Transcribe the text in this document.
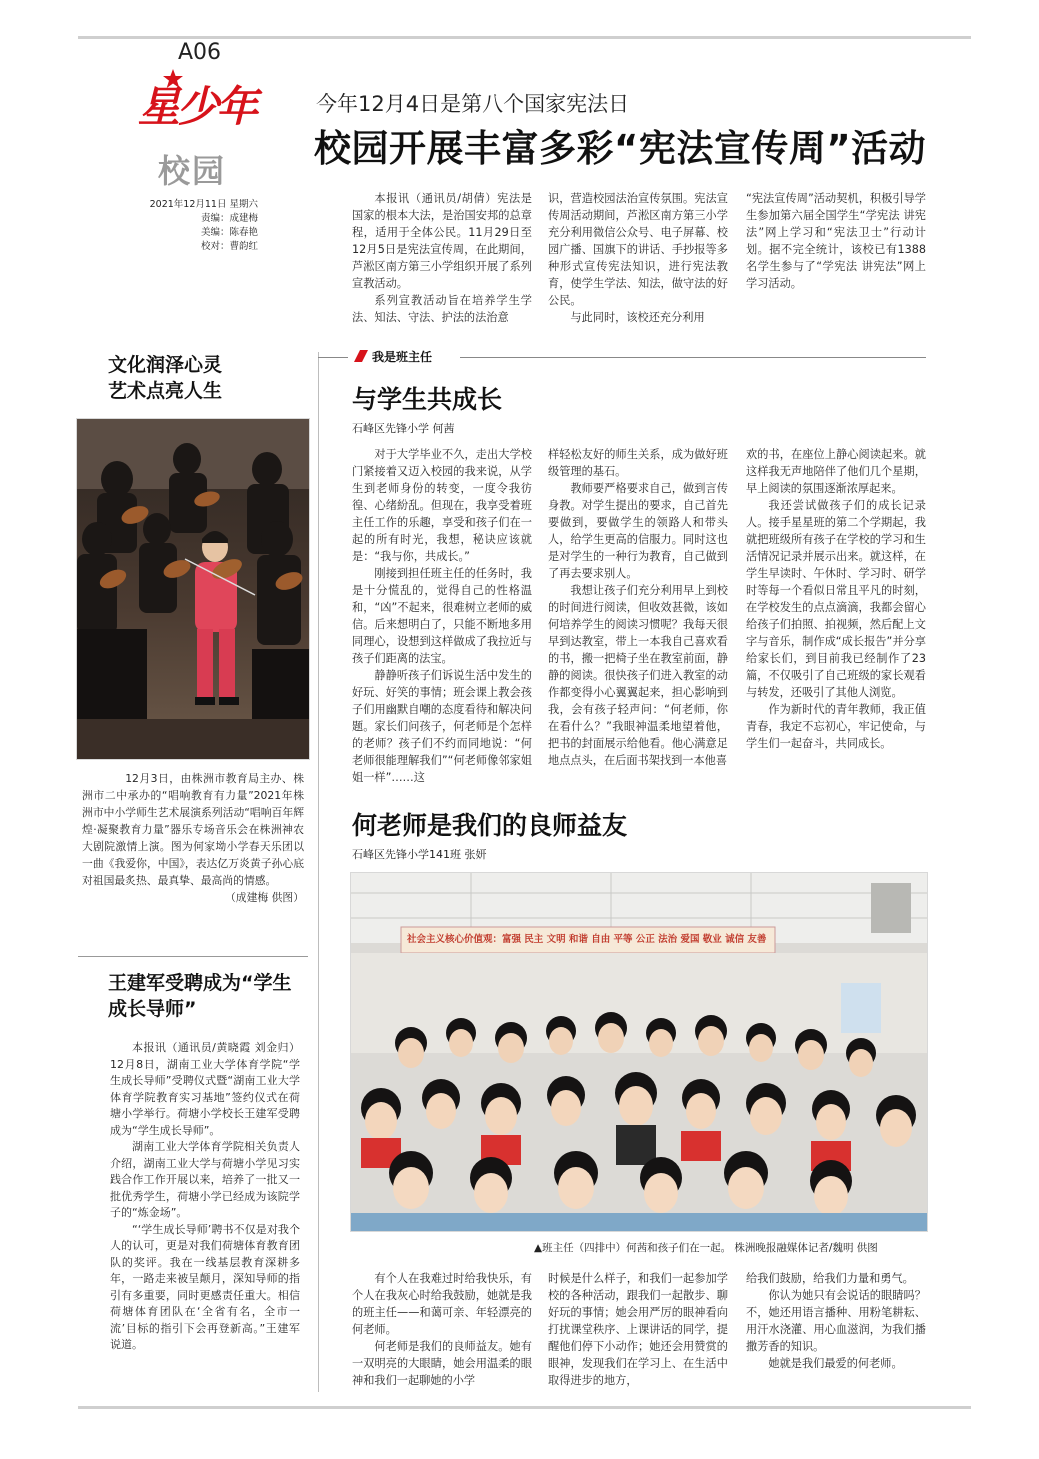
A06
星少年
校园
2021年12月11日 星期六
责编：成建梅
美编：陈春艳
校对：曹韵红
今年12月4日是第八个国家宪法日
校园开展丰富多彩“宪法宣传周”活动

本报讯（通讯员/胡倩）宪法是国家的根本大法，是治国安邦的总章程，适用于全体公民。11月29日至12月5日是宪法宣传周，在此期间，芦淞区南方第三小学组织开展了系列宣教活动。

系列宣教活动旨在培养学生学法、知法、守法、护法的法治意

识，营造校园法治宣传氛围。宪法宣传周活动期间，芦淞区南方第三小学充分利用微信公众号、电子屏幕、校园广播、国旗下的讲话、手抄报等多种形式宣传宪法知识，进行宪法教育，使学生学法、知法，做守法的好公民。

与此同时，该校还充分利用

“宪法宣传周”活动契机，积极引导学生参加第六届全国学生“学宪法 讲宪法”网上学习和“宪法卫士”行动计划。据不完全统计，该校已有1388名学生参与了“学宪法 讲宪法”网上学习活动。

文化润泽心灵
艺术点亮人生

12月3日，由株洲市教育局主办、株洲市二中承办的“唱响教育有力量”2021年株洲市中小学师生艺术展演系列活动“唱响百年辉煌·凝聚教育力量”器乐专场音乐会在株洲神农大剧院激情上演。图为何家坳小学春天乐团以一曲《我爱你，中国》，表达亿万炎黄子孙心底对祖国最炙热、最真挚、最高尚的情感。

（成建梅 供图）
王建军受聘成为“学生成长导师”

本报讯（通讯员/黄晓霞 刘金归）12月8日，湖南工业大学体育学院“学生成长导师”受聘仪式暨“湖南工业大学体育学院教育实习基地”签约仪式在荷塘小学举行。荷塘小学校长王建军受聘成为“学生成长导师”。

湖南工业大学体育学院相关负责人介绍，湖南工业大学与荷塘小学见习实践合作工作开展以来，培养了一批又一批优秀学生，荷塘小学已经成为该院学子的“炼金场”。

“‘学生成长导师’聘书不仅是对我个人的认可，更是对我们荷塘体育教育团队的奖评。我在一线基层教育深耕多年，一路走来被呈颠月，深知导师的指引有多重要，同时更感责任重大。相信荷塘体育团队在‘全省有名，全市一流’目标的指引下会再登新高。”王建军说道。

我是班主任
与学生共成长
石峰区先锋小学 何茜

对于大学毕业不久，走出大学校门紧接着又迈入校园的我来说，从学生到老师身份的转变，一度令我彷徨、心绪紛乱。但现在，我享受着班主任工作的乐趣，享受和孩子们在一起的所有时光，我想，秘诀应该就是：“我与你，共成长。”

刚接到担任班主任的任务时，我是十分慌乱的，觉得自己的性格温和，“凶”不起来，很难树立老师的威信。后来想明白了，只能不断地多用同理心，设想到这样做成了我拉近与孩子们距离的法宝。

静静听孩子们诉说生活中发生的好玩、好笑的事情；班会课上教会孩子们用幽默自嘲的态度看待和解决问题。家长们问孩子，何老师是个怎样的老师？孩子们不约而同地说：“何老师很能理解我们”“何老师像邻家姐姐一样”……这

样轻松友好的师生关系，成为做好班级管理的基石。

教师要严格要求自己，做到言传身教。对学生提出的要求，自己首先要做到，要做学生的领路人和带头人，给学生更高的信服力。同时这也是对学生的一种行为教育，自己做到了再去要求别人。

我想让孩子们充分利用早上到校的时间进行阅读，但收效甚微，该如何培养学生的阅读习惯呢？我每天很早到达教室，带上一本我自己喜欢看的书，搬一把椅子坐在教室前面，静静的阅读。很快孩子们进入教室的动作都变得小心翼翼起来，担心影响到我，会有孩子轻声问：“何老师，你在看什么？”我眼神温柔地望着他，把书的封面展示给他看。他心满意足地点点头，在后面书架找到一本他喜

欢的书，在座位上静心阅读起来。就这样我无声地陪伴了他们几个星期，早上阅读的氛围逐渐浓厚起来。

我还尝试做孩子们的成长记录人。接手星星班的第二个学期起，我就把班级所有孩子在学校的学习和生活情况记录并展示出来。就这样，在学生早读时、午休时、学习时、研学时等每一个看似日常且平凡的时刻，在学校发生的点点滴滴，我都会留心给孩子们拍照、拍视频，然后配上文字与音乐，制作成“成长报告”并分享给家长们，到目前我已经制作了23篇，不仅吸引了自己班级的家长观看与转发，还吸引了其他人浏览。

作为新时代的青年教师，我正值青春，我定不忘初心，牢记使命，与学生们一起奋斗，共同成长。

何老师是我们的良师益友
石峰区先锋小学141班 张妍
社会主义核心价值观：富强 民主 文明 和谐 自由 平等 公正 法治 爱国 敬业 诚信 友善
▲班主任（四排中）何茜和孩子们在一起。 株洲晚报融媒体记者/魏明 供图

有个人在我难过时给我快乐，有个人在我灰心时给我鼓励，她就是我的班主任——和蔼可亲、年轻漂亮的何老师。

何老师是我们的良师益友。她有一双明亮的大眼睛，她会用温柔的眼神和我们一起聊她的小学

时候是什么样子，和我们一起参加学校的各种活动，跟我们一起散步、聊好玩的事情；她会用严厉的眼神看向打扰课堂秩序、上课讲话的同学，提醒他们停下小动作；她还会用赞赏的眼神，发现我们在学习上、在生活中取得进步的地方，

给我们鼓励，给我们力量和勇气。

你认为她只有会说话的眼睛吗？不，她还用语言播种、用粉笔耕耘、用汗水浇灌、用心血滋润，为我们播撒芳香的知识。

她就是我们最爱的何老师。
